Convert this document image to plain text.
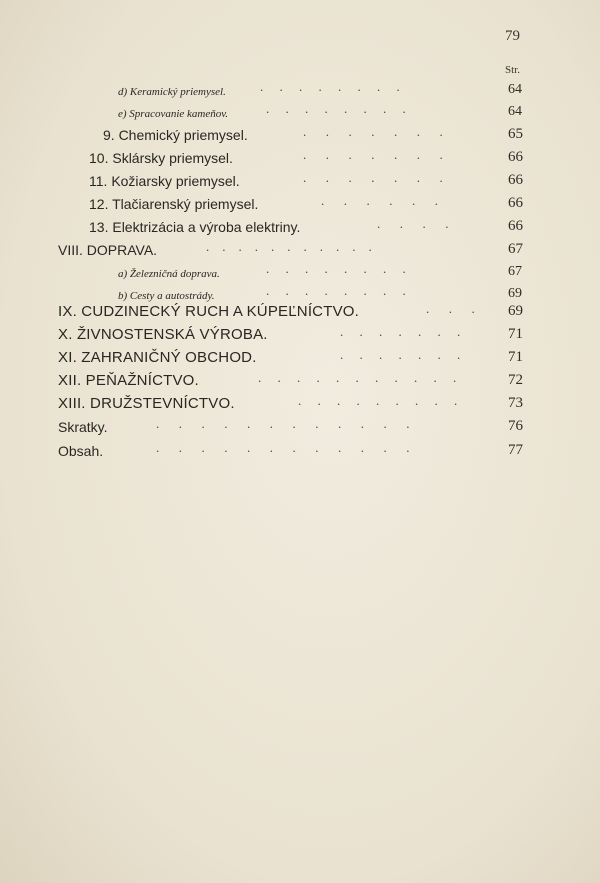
79
Str.
d) Keramický priemysel.	.     .     .     .     .     .     .     .	64
e) Spracovanie kameňov.	.     .     .     .     .     .     .     .	64
9. Chemický priemysel.	.      .      .      .      .      .      .	65
10. Sklársky priemysel.	.      .      .      .      .      .      .	66
11. Kožiarsky priemysel.	.      .      .      .      .      .      .	66
12. Tlačiarenský priemysel.	.      .      .      .      .      .	66
13. Elektrizácia a výroba elektriny.	.      .      .      .	66
VIII. DOPRAVA.	.    .    .    .    .    .    .    .    .    .    .	67
a) Železničná doprava.	.     .     .     .     .     .     .     .	67
b) Cesty a autostrády.	.     .     .     .     .     .     .     .	69
IX. CUDZINECKÝ RUCH A KÚPEĽNÍCTVO.	.      .      . 69
X. ŽIVNOSTENSKÁ VÝROBA.	.     .     .     .     .     .     .	71
XI. ZAHRANIČNÝ OBCHOD.	.     .     .     .     .     .     .	71
XII. PEŇAŽNÍCTVO.	.     .     .     .     .     .     .     .     .     .     .	72
XIII. DRUŽSTEVNÍCTVO.	.     .     .     .     .     .     .     .     .	73
Skratky.	.      .      .      .      .      .      .      .      .      .      .      .	76
Obsah.	.      .      .      .      .      .      .      .      .      .      .      .	77
